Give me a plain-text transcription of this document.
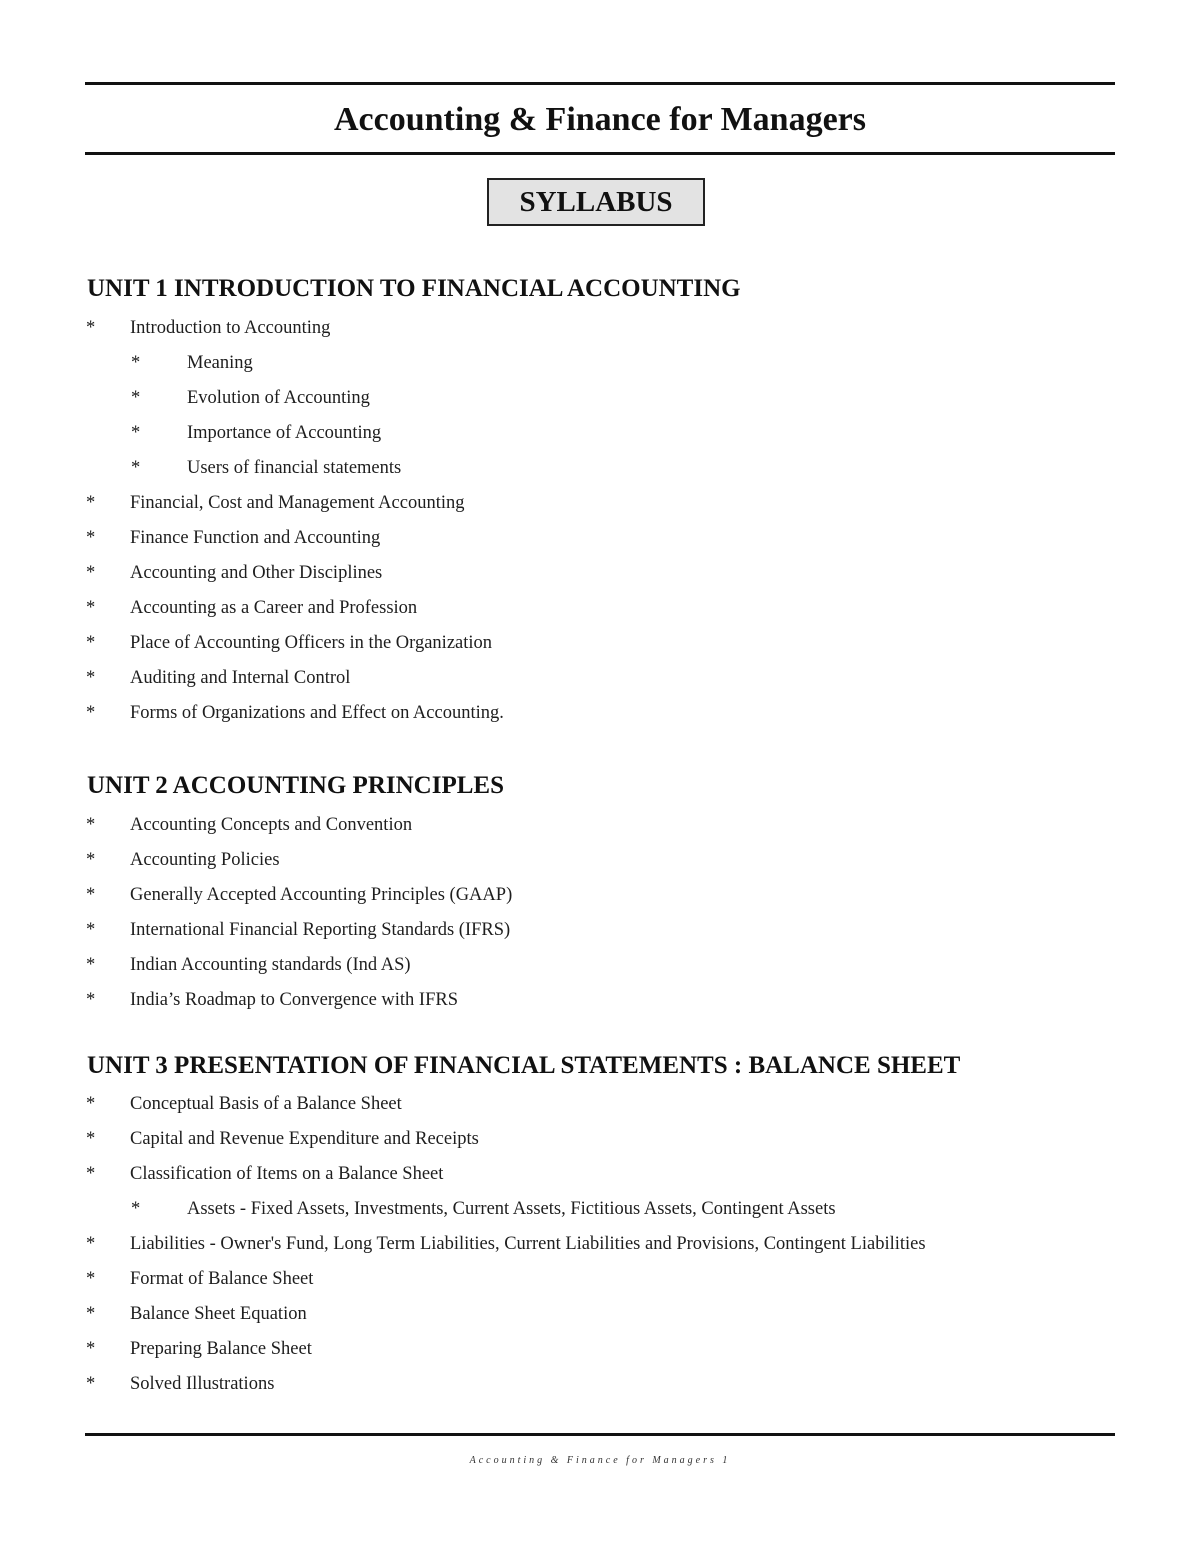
Accounting & Finance for Managers
SYLLABUS
UNIT 1 INTRODUCTION TO FINANCIAL ACCOUNTING
* Introduction to Accounting
*	Meaning
*	Evolution of Accounting
*	Importance of Accounting
*	Users of financial statements
* Financial, Cost and Management Accounting
* Finance Function and Accounting
* Accounting and Other Disciplines
* Accounting as a Career and Profession
* Place of Accounting Officers in the Organization
* Auditing and Internal Control
* Forms of Organizations and Effect on Accounting.
UNIT 2 ACCOUNTING PRINCIPLES
* Accounting Concepts and Convention
* Accounting Policies
* Generally Accepted Accounting Principles (GAAP)
* International Financial Reporting Standards (IFRS)
* Indian Accounting standards (Ind AS)
* India’s Roadmap to Convergence with IFRS
UNIT 3 PRESENTATION OF FINANCIAL STATEMENTS : BALANCE SHEET
* Conceptual Basis of a Balance Sheet
* Capital and Revenue Expenditure and Receipts
* Classification of Items on a Balance Sheet
*	Assets - Fixed Assets, Investments, Current Assets, Fictitious Assets, Contingent Assets
* Liabilities - Owner's Fund, Long Term Liabilities, Current Liabilities and Provisions, Contingent Liabilities
* Format of Balance Sheet
* Balance Sheet Equation
* Preparing Balance Sheet
* Solved Illustrations
Accounting & Finance for Managers 1
